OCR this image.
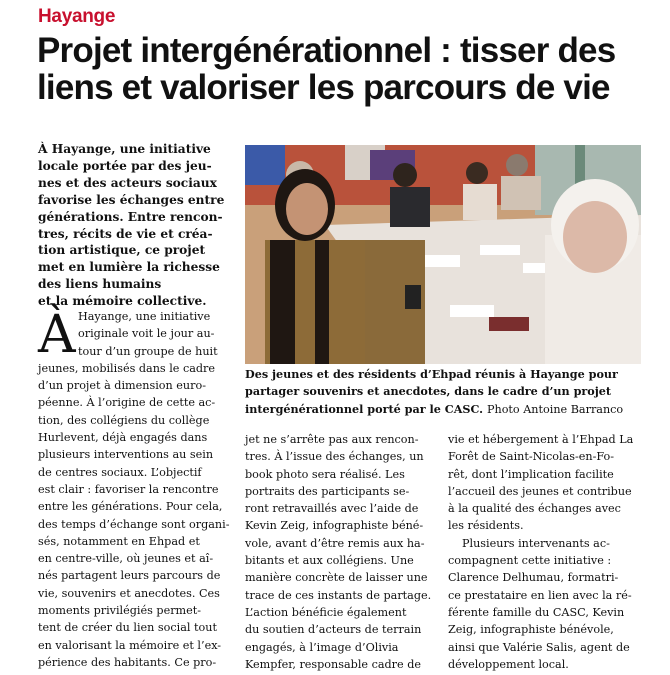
Hayange
Projet intergénérationnel : tisser des
liens et valoriser les parcours de vie
À Hayange, une initiative
locale portée par des jeu-
nes et des acteurs sociaux
favorise les échanges entre
générations. Entre rencon-
tres, récits de vie et créa-
tion artistique, ce projet
met en lumière la richesse
des liens humains
et la mémoire collective.
Des jeunes et des résidents d’Ehpad réunis à Hayange pour
partager souvenirs et anecdotes, dans le cadre d’un projet
intergénérationnel porté par le CASC. Photo Antoine Barranco
À Hayange, une initiative
originale voit le jour au-
tour d’un groupe de huit
jeunes, mobilisés dans le cadre
d’un projet à dimension euro-
péenne. À l’origine de cette ac-
tion, des collégiens du collège
Hurlevent, déjà engagés dans
plusieurs interventions au sein
de centres sociaux. L’objectif
est clair : favoriser la rencontre
entre les générations. Pour cela,
des temps d’échange sont organi-
sés, notamment en Ehpad et
en centre-ville, où jeunes et aî-
nés partagent leurs parcours de
vie, souvenirs et anecdotes. Ces
moments privilégiés permet-
tent de créer du lien social tout
en valorisant la mémoire et l’ex-
périence des habitants. Ce pro-
jet ne s’arrête pas aux rencon-
tres. À l’issue des échanges, un
book photo sera réalisé. Les
portraits des participants se-
ront retravaillés avec l’aide de
Kevin Zeig, infographiste béné-
vole, avant d’être remis aux ha-
bitants et aux collégiens. Une
manière concrète de laisser une
trace de ces instants de partage.
L’action bénéficie également
du soutien d’acteurs de terrain
engagés, à l’image d’Olivia
Kempfer, responsable cadre de
vie et hébergement à l’Ehpad La
Forêt de Saint-Nicolas-en-Fo-
rêt, dont l’implication facilite
l’accueil des jeunes et contribue
à la qualité des échanges avec
les résidents.
Plusieurs intervenants ac-
compagnent cette initiative :
Clarence Delhumau, formatri-
ce prestataire en lien avec la ré-
férente famille du CASC, Kevin
Zeig, infographiste bénévole,
ainsi que Valérie Salis, agent de
développement local.
